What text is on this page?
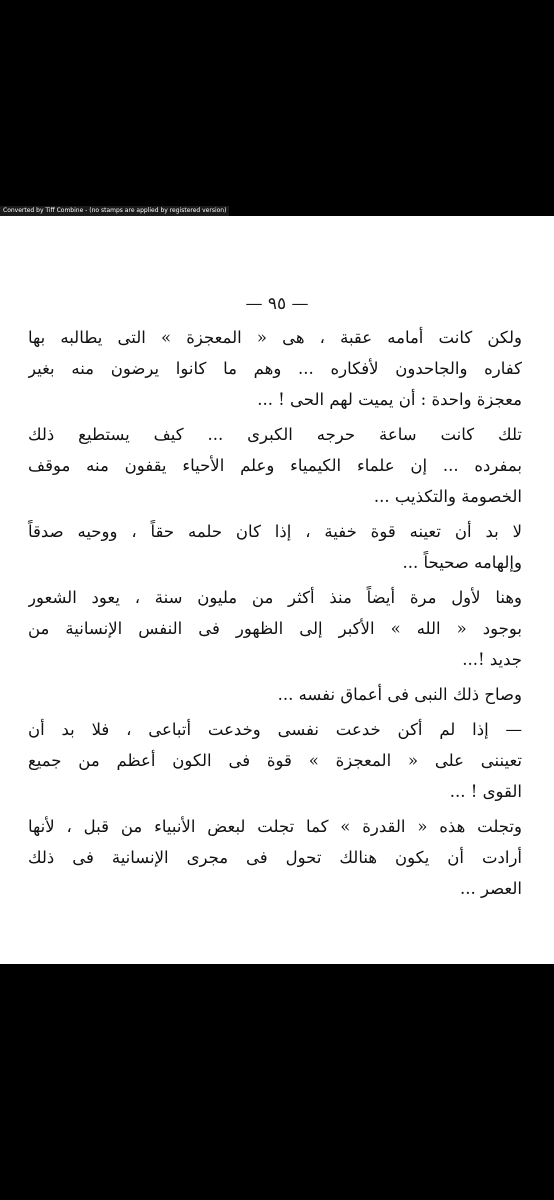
Converted by Tiff Combine - (no stamps are applied by registered version)
— ٩٥ —
ولكن كانت أمامه عقبة ، هى « المعجزة » التى يطالبه بها
كفاره والجاحدون لأفكاره ... وهم ما كانوا يرضون منه بغير
معجزة واحدة : أن يميت لهم الحى ! ...
تلك كانت ساعة حرجه الكبرى ... كيف يستطيع ذلك
بمفرده ... إن علماء الكيمياء وعلم الأحياء يقفون منه موقف
الخصومة والتكذيب ...
لا بد أن تعينه قوة خفية ، إذا كان حلمه حقاً ، ووحيه صدقاً
وإلهامه صحيحاً ...
وهنا لأول مرة أيضاً منذ أكثر من مليون سنة ، يعود الشعور
بوجود « الله » الأكبر إلى الظهور فى النفس الإنسانية من
جديد !...
وصاح ذلك النبى فى أعماق نفسه ...
— إذا لم أكن خدعت نفسى وخدعت أتباعى ، فلا بد أن
تعيننى على « المعجزة » قوة فى الكون أعظم من جميع
القوى ! ...
وتجلت هذه « القدرة » كما تجلت لبعض الأنبياء من قبل ، لأنها
أرادت أن يكون هنالك تحول فى مجرى الإنسانية فى ذلك
العصر ...
